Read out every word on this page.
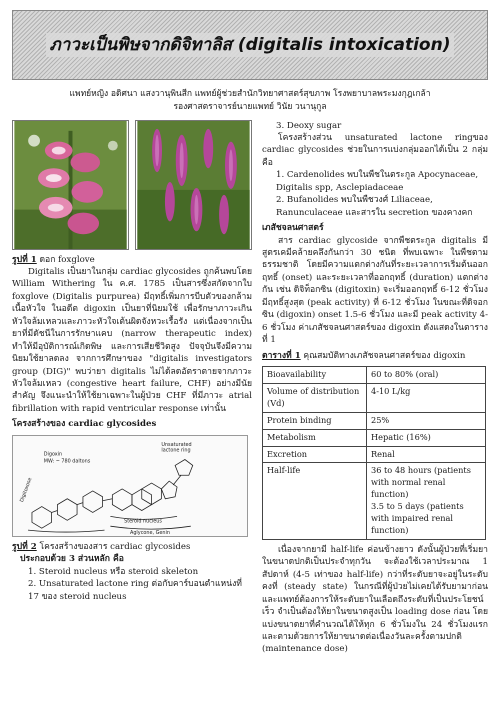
ภาวะเป็นพิษจากดิจิทาลิส (digitalis intoxication)
แพทย์หญิง อดิศนา แสงวานุพินสีก แพทย์ผู้ช่วยสำนักวิทยาศาสตร์สุขภาพ โรงพยาบาลพระมงกุฎเกล้า
รองศาสตราจารย์นายแพทย์ วินัย วนานุกูล
รูปที่ 1 ดอก foxglove

Digitalis เป็นยาในกลุ่ม cardiac glycosides ถูกค้นพบโดย William Withering ใน ค.ศ. 1785 เป็นสารซึ่งสกัดจากใบ foxglove (Digitalis purpurea) มีฤทธิ์เพิ่มการบีบตัวของกล้ามเนื้อหัวใจ ในอดีต digoxin เป็นยาที่นิยมใช้ เพื่อรักษาภาวะเกิน หัวใจล้มเหลวและภาวะหัวใจเต้นผิดจังหวะเรื้อรัง แต่เนื่องจากเป็นยาที่มีดัชนีในการรักษาแคบ (narrow therapeutic index) ทำให้มีอุบัติการณ์เกิดพิษ และการเสียชีวิตสูง ปัจจุบันจึงมีความนิยมใช้ยาลดลง จากการศึกษาของ "digitalis investigators group (DIG)" พบว่ายา digitalis ไม่ได้ลดอัตราตายจากภาวะหัวใจล้มเหลว (congestive heart failure, CHF) อย่างมีนัยสำคัญ จึงแนะนำให้ใช้ยาเฉพาะในผู้ป่วย CHF ที่มีภาวะ atrial fibrillation with rapid ventricular response เท่านั้น

โครงสร้างของ cardiac glycosides
Unsaturated
lactone ring
Digoxin
MW: ~ 780 daltons
Digitoxose
Steroid nucleus
Aglycone, Genin
รูปที่ 2 โครงสร้างของสาร cardiac glycosides
ประกอบด้วย 3 ส่วนหลัก คือ
1. Steroid nucleus หรือ steroid skeleton
2. Unsaturated lactone ring ต่อกับคาร์บอนตำแหน่งที่ 17 ของ steroid nucleus
3. Deoxy sugar

โครงสร้างส่วน unsaturated lactone ringของ cardiac glycosides ช่วยในการแบ่งกลุ่มออกได้เป็น 2 กลุ่ม คือ

1. Cardenolides พบในพืชในตระกูล Apocynaceae, Digitalis spp, Asclepiadaceae
2. Bufanolides พบในพืชวงศ์ Liliaceae, Ranunculaceae และสารใน secretion ของคางคก
เภสัชจลนศาสตร์

สาร cardiac glycoside จากพืชตระกูล digitalis มีสูตรเคมีคล้ายคลึงกันกว่า 30 ชนิด ที่พบเฉพาะ ในพืชตามธรรมชาติ โดยมีความแตกต่างกันที่ระยะเวลาการเริ่มต้นออกฤทธิ์ (onset) และระยะเวลาที่ออกฤทธิ์ (duration) แตกต่างกัน เช่น ดิจิท็อกซิน (digitoxin) จะเริ่มออกฤทธิ์ 6-12 ชั่วโมง มีฤทธิ์สูงสุด (peak activity) ที่ 6-12 ชั่วโมง ในขณะที่ดิจอกซิน (digoxin) onset 1.5-6 ชั่วโมง และมี peak activity 4-6 ชั่วโมง ค่าเภสัชจลนศาสตร์ของ digoxin ดังแสดงในตารางที่ 1

ตารางที่ 1 คุณสมบัติทางเภสัชจลนศาสตร์ของ digoxin
Bioavailability	60 to 80% (oral)
Volume of distribution (Vd)	4-10 L/kg
Protein binding	25%
Metabolism	Hepatic (16%)
Excretion	Renal
Half-life	36 to 48 hours (patients with normal renal function)
3.5 to 5 days (patients with impaired renal function)

เนื่องจากยามี half-life ค่อนข้างยาว ดังนั้นผู้ป่วยที่เริ่มยาในขนาดปกติเป็นประจำทุกวัน จะต้องใช้เวลาประมาณ 1 สัปดาห์ (4-5 เท่าของ half-life) กว่าที่ระดับยาจะอยู่ในระดับคงที่ (steady state) ในกรณีที่ผู้ป่วยไม่เคยได้รับยามาก่อนและแพทย์ต้องการให้ระดับยาในเลือดถึงระดับที่เป็นประโยชน์เร็ว จำเป็นต้องให้ยาในขนาดสูงเป็น loading dose ก่อน โดยแบ่งขนาดยาที่คำนวณได้ให้ทุก 6 ชั่วโมงใน 24 ชั่วโมงแรก และตามด้วยการให้ยาขนาดต่อเนื่องวันละครั้งตามปกติ (maintenance dose)
